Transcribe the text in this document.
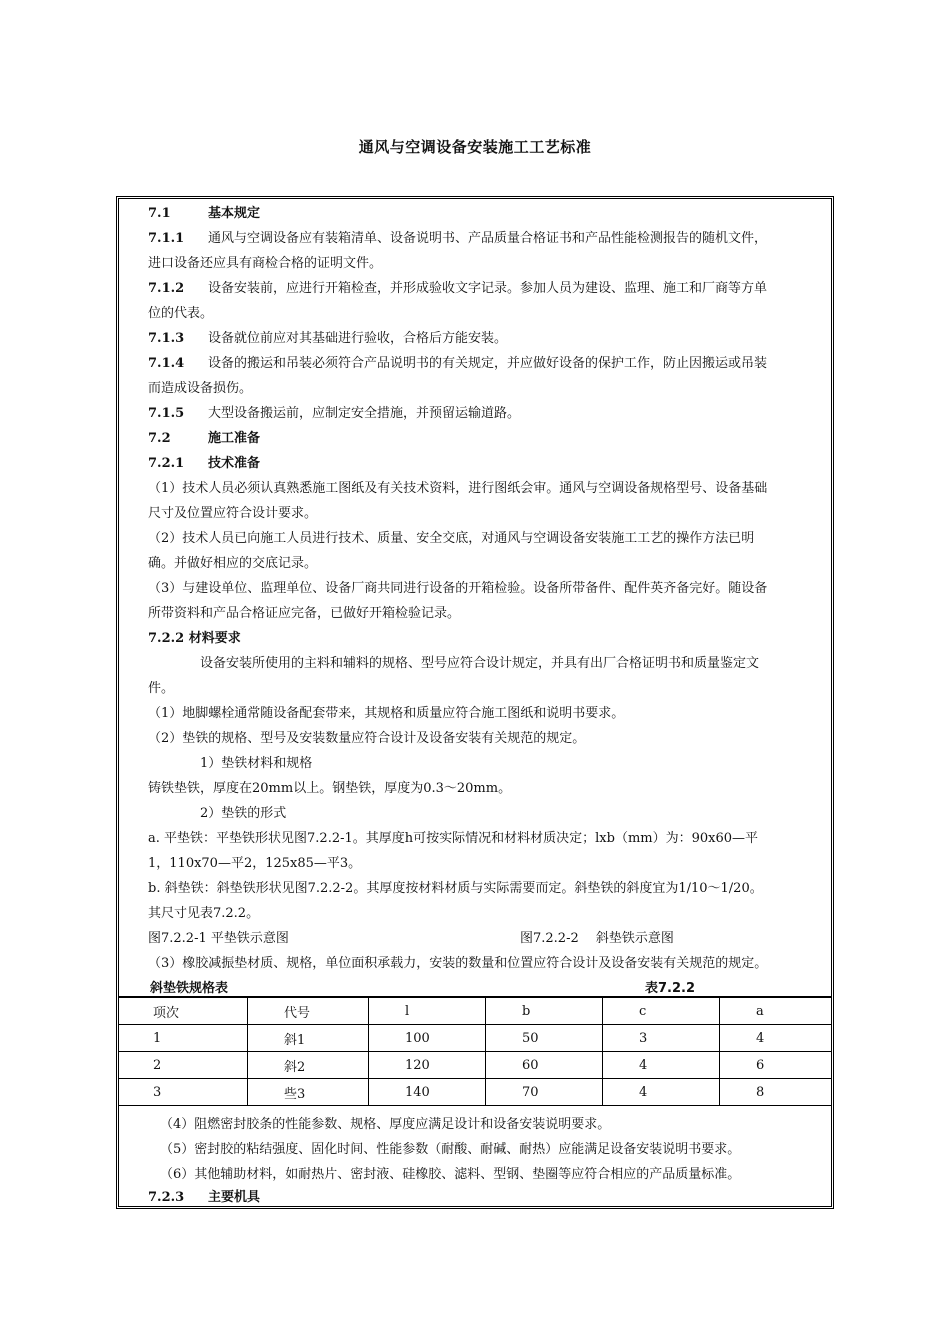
通风与空调设备安装施工工艺标准
7.1	基本规定
7.1.1 通风与空调设备应有装箱清单、设备说明书、产品质量合格证书和产品性能检测报告的随机文件，
进口设备还应具有商检合格的证明文件。
7.1.2 设备安装前，应进行开箱检查，并形成验收文字记录。参加人员为建设、监理、施工和厂商等方单
位的代表。
7.1.3 设备就位前应对其基础进行验收，合格后方能安装。
7.1.4 设备的搬运和吊装必须符合产品说明书的有关规定，并应做好设备的保护工作，防止因搬运或吊装
而造成设备损伤。
7.1.5 大型设备搬运前，应制定安全措施，并预留运输道路。
7.2	施工准备
7.2.1 技术准备
（1）技术人员必须认真熟悉施工图纸及有关技术资料，进行图纸会审。通风与空调设备规格型号、设备基础
尺寸及位置应符合设计要求。
（2）技术人员已向施工人员进行技术、质量、安全交底，对通风与空调设备安装施工工艺的操作方法已明
确。并做好相应的交底记录。
（3）与建设单位、监理单位、设备厂商共同进行设备的开箱检验。设备所带备件、配件英齐备完好。随设备
所带资料和产品合格证应完备，已做好开箱检验记录。
7.2.2 材料要求
设备安装所使用的主料和辅料的规格、型号应符合设计规定，并具有出厂合格证明书和质量鉴定文
件。
（1）地脚螺栓通常随设备配套带来，其规格和质量应符合施工图纸和说明书要求。
（2）垫铁的规格、型号及安装数量应符合设计及设备安装有关规范的规定。
1）垫铁材料和规格
铸铁垫铁，厚度在20mm以上。钢垫铁，厚度为0.3～20mm。
2）垫铁的形式
a. 平垫铁：平垫铁形状见图7.2.2-1。其厚度h可按实际情况和材料材质决定；lxb（mm）为：90x60—平
1，110x70—平2，125x85—平3。
b. 斜垫铁：斜垫铁形状见图7.2.2-2。其厚度按材料材质与实际需要而定。斜垫铁的斜度宜为1/10～1/20。
其尺寸见表7.2.2。
图7.2.2-1 平垫铁示意图	图7.2.2-2　 斜垫铁示意图
（3）橡胶减振垫材质、规格，单位面积承载力，安装的数量和位置应符合设计及设备安装有关规范的规定。
斜垫铁规格表	表7.2.2
项次	代号	l	b	c	a
1	斜1	100	50	3	4
2	斜2	120	60	4	6
3	些3	140	70	4	8
（4）阻燃密封胶条的性能参数、规格、厚度应满足设计和设备安装说明要求。
（5）密封胶的粘结强度、固化时间、性能参数（耐酸、耐碱、耐热）应能满足设备安装说明书要求。
（6）其他辅助材料，如耐热片、密封液、硅橡胶、滤料、型钢、垫圈等应符合相应的产品质量标准。
7.2.3 主要机具
